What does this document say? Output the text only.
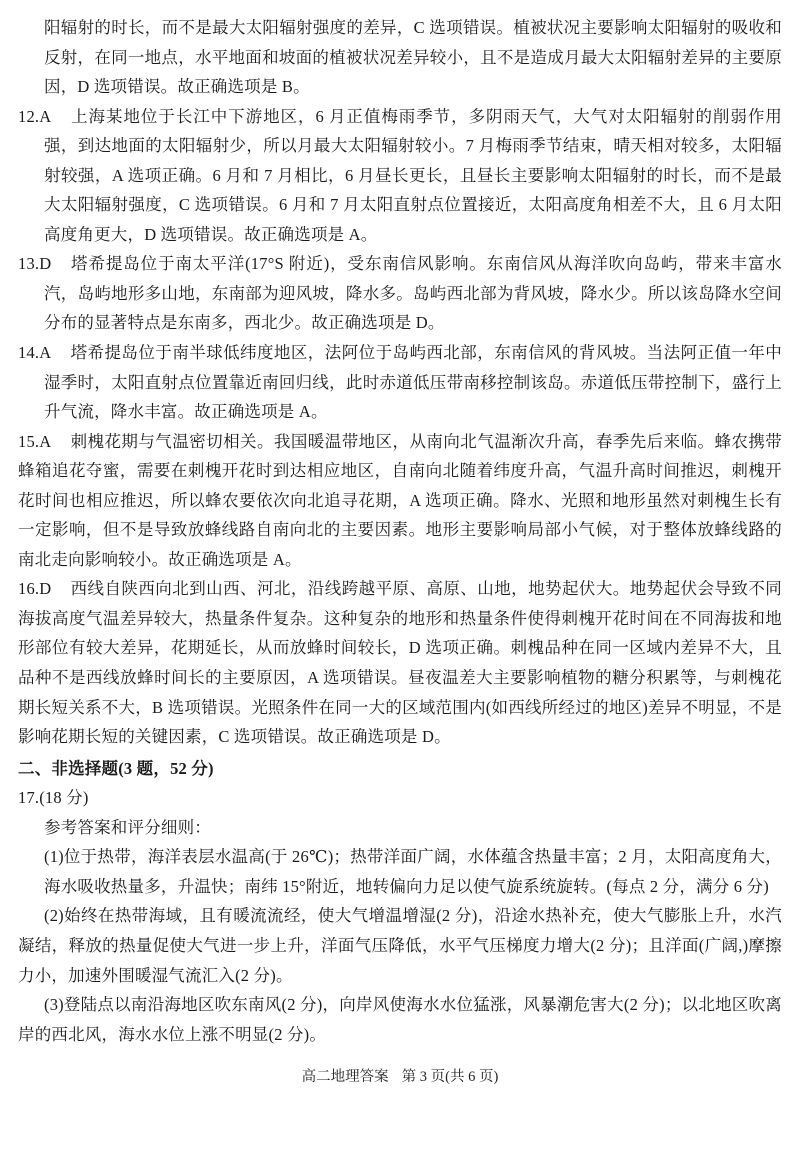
阳辐射的时长，而不是最大太阳辐射强度的差异，C 选项错误。植被状况主要影响太阳辐射的吸收和反射，在同一地点，水平地面和坡面的植被状况差异较小，且不是造成月最大太阳辐射差异的主要原因，D 选项错误。故正确选项是 B。

12.A 上海某地位于长江中下游地区，6 月正值梅雨季节，多阴雨天气，大气对太阳辐射的削弱作用强，到达地面的太阳辐射少，所以月最大太阳辐射较小。7 月梅雨季节结束，晴天相对较多，太阳辐射较强，A 选项正确。6 月和 7 月相比，6 月昼长更长，且昼长主要影响太阳辐射的时长，而不是最大太阳辐射强度，C 选项错误。6 月和 7 月太阳直射点位置接近，太阳高度角相差不大，且 6 月太阳高度角更大，D 选项错误。故正确选项是 A。

13.D 塔希提岛位于南太平洋(17°S 附近)，受东南信风影响。东南信风从海洋吹向岛屿，带来丰富水汽，岛屿地形多山地，东南部为迎风坡，降水多。岛屿西北部为背风坡，降水少。所以该岛降水空间分布的显著特点是东南多，西北少。故正确选项是 D。

14.A 塔希提岛位于南半球低纬度地区，法阿位于岛屿西北部，东南信风的背风坡。当法阿正值一年中湿季时，太阳直射点位置靠近南回归线，此时赤道低压带南移控制该岛。赤道低压带控制下，盛行上升气流，降水丰富。故正确选项是 A。

15.A 刺槐花期与气温密切相关。我国暖温带地区，从南向北气温渐次升高，春季先后来临。蜂农携带蜂箱追花夺蜜，需要在刺槐开花时到达相应地区，自南向北随着纬度升高，气温升高时间推迟，刺槐开花时间也相应推迟，所以蜂农要依次向北追寻花期，A 选项正确。降水、光照和地形虽然对刺槐生长有一定影响，但不是导致放蜂线路自南向北的主要因素。地形主要影响局部小气候，对于整体放蜂线路的南北走向影响较小。故正确选项是 A。

16.D 西线自陕西向北到山西、河北，沿线跨越平原、高原、山地，地势起伏大。地势起伏会导致不同海拔高度气温差异较大，热量条件复杂。这种复杂的地形和热量条件使得刺槐开花时间在不同海拔和地形部位有较大差异，花期延长，从而放蜂时间较长，D 选项正确。刺槐品种在同一区域内差异不大，且品种不是西线放蜂时间长的主要原因，A 选项错误。昼夜温差大主要影响植物的糖分积累等，与刺槐花期长短关系不大，B 选项错误。光照条件在同一大的区域范围内(如西线所经过的地区)差异不明显，不是影响花期长短的关键因素，C 选项错误。故正确选项是 D。

二、非选择题(3 题，52 分)

17.(18 分)

参考答案和评分细则：

(1)位于热带，海洋表层水温高(于 26℃)；热带洋面广阔，水体蕴含热量丰富；2 月，太阳高度角大，海水吸收热量多，升温快；南纬 15°附近，地转偏向力足以使气旋系统旋转。(每点 2 分，满分 6 分)

(2)始终在热带海域，且有暖流流经，使大气增温增湿(2 分)，沿途水热补充，使大气膨胀上升，水汽凝结，释放的热量促使大气进一步上升，洋面气压降低，水平气压梯度力增大(2 分)；且洋面(广阔,)摩擦力小，加速外围暖湿气流汇入(2 分)。

(3)登陆点以南沿海地区吹东南风(2 分)，向岸风使海水水位猛涨，风暴潮危害大(2 分)；以北地区吹离岸的西北风，海水水位上涨不明显(2 分)。

高二地理答案 第 3 页(共 6 页)
